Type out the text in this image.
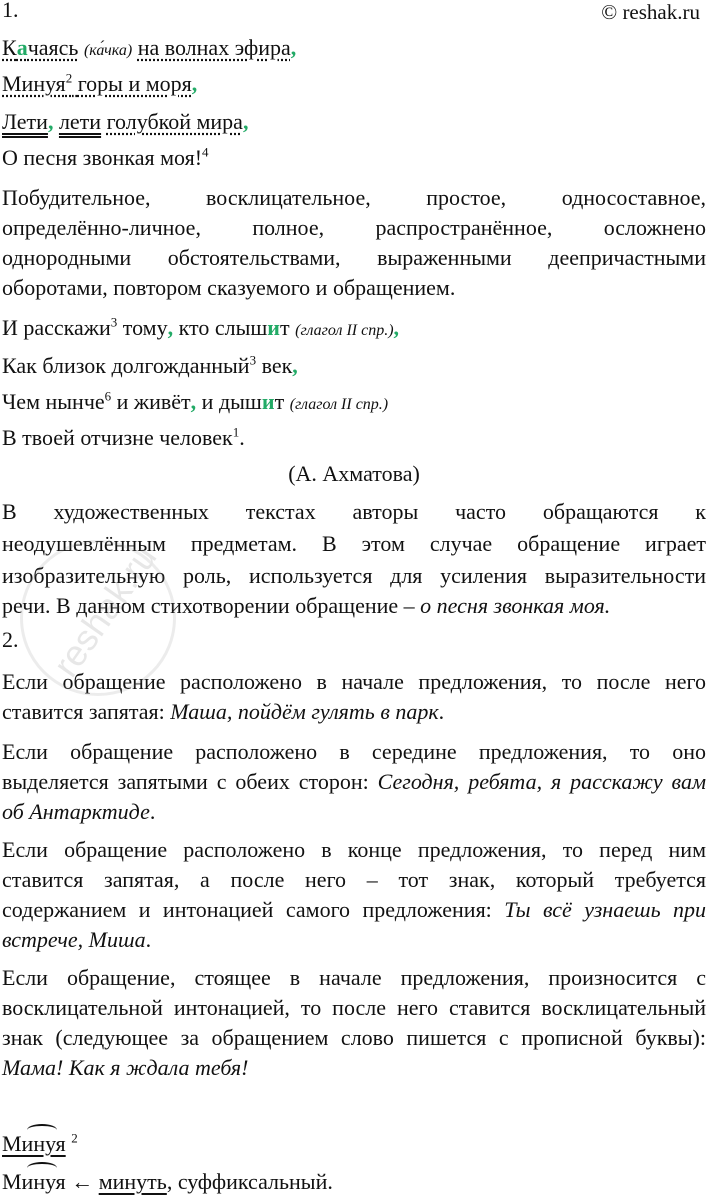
1.	© reshak.ru
Качаясь (ка́чка) на волнах эфира,
Минуя$^2$ горы и моря,
Лети, лети голубкой мира,
О песня звонкая моя!$^4$
Побудительное, восклицательное, простое, односоставное,
определённо-личное, полное, распространённое, осложнено
однородными обстоятельствами, выраженными деепричастными
оборотами, повтором сказуемого и обращением.
И расскажи$^3$ тому, кто слышит (глагол II спр.),
Как близок долгожданный$^3$ век,
Чем нынче$^6$ и живёт, и дышит (глагол II спр.)
В твоей отчизне человек$^1$.
(А. Ахматова)
В художественных текстах авторы часто обращаются к
неодушевлённым предметам. В этом случае обращение играет
изобразительную роль, используется для усиления выразительности
речи. В данном стихотворении обращение – о песня звонкая моя.
2.
Если обращение расположено в начале предложения, то после него
ставится запятая: Маша, пойдём гулять в парк.
Если обращение расположено в середине предложения, то оно
выделяется запятыми с обеих сторон: Сегодня, ребята, я расскажу вам
об Антарктиде.
Если обращение расположено в конце предложения, то перед ним
ставится запятая, а после него – тот знак, который требуется
содержанием и интонацией самого предложения: Ты всё узнаешь при
встрече, Миша.
Если обращение, стоящее в начале предложения, произносится с
восклицательной интонацией, то после него ставится восклицательный
знак (следующее за обращением слово пишется с прописной буквы):
Мама! Как я ждала тебя!
Минуя $^2$
Минуя ← минуть, суффиксальный.
reshak.ru
